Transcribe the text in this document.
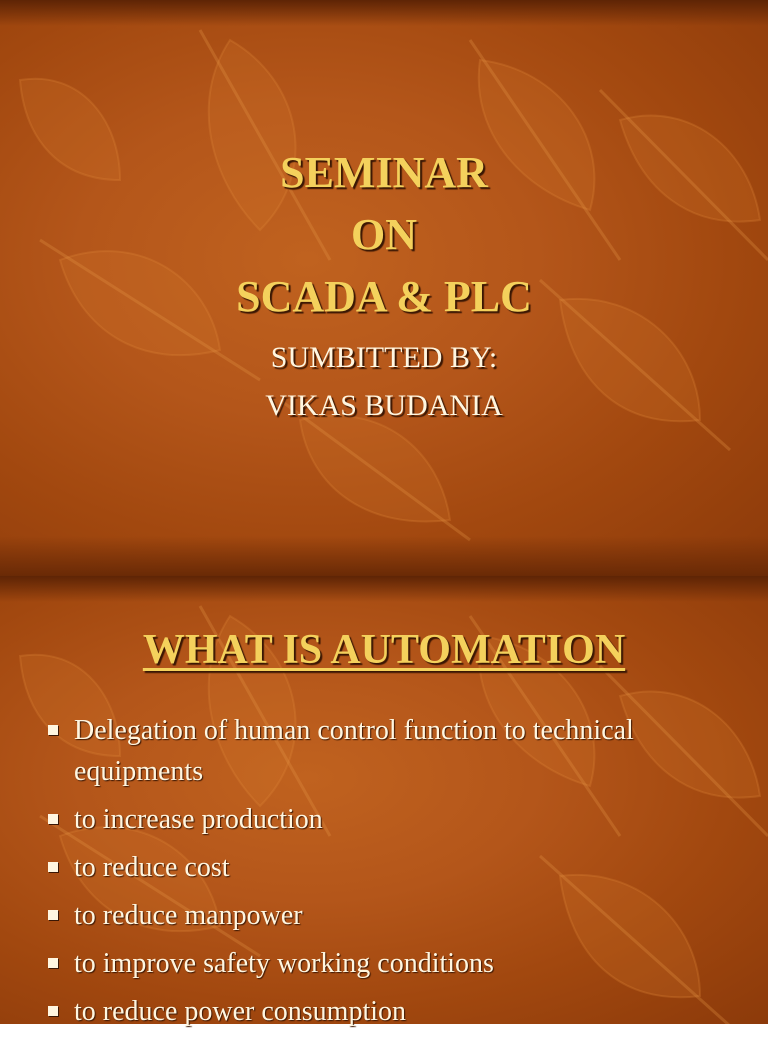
SEMINAR
ON
SCADA & PLC
SUMBITTED BY:
VIKAS BUDANIA
WHAT IS AUTOMATION
Delegation of human control function to technical equipments
to increase production
to reduce cost
to reduce manpower
to improve safety working conditions
to reduce power consumption
